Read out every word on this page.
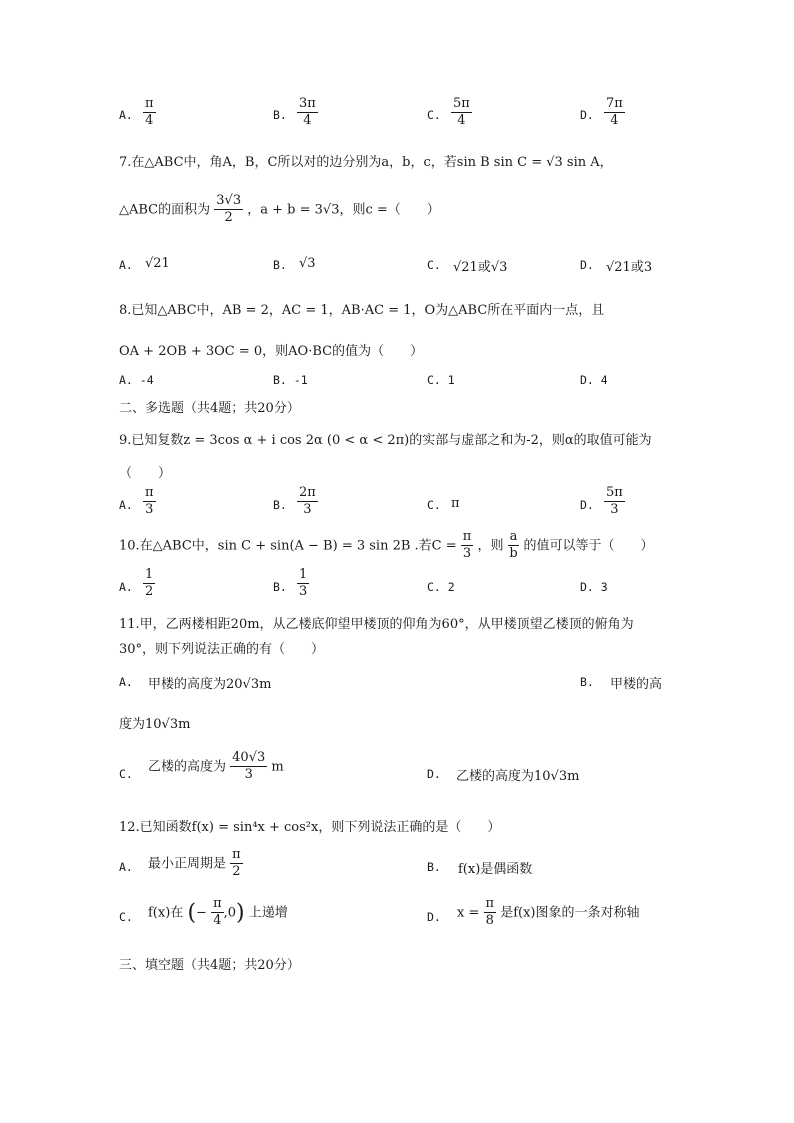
A. $\frac{\pi}{4}$	B. $\frac{3\pi}{4}$	C. $\frac{5\pi}{4}$	D. $\frac{7\pi}{4}$
7.在△ABC中，角A，B，C所以对的边分别为a，b，c，若sin B sin C = √3 sin A，
△ABC的面积为 $\frac{3√3}{2}$ ，a + b = 3√3，则c =（　　）
A. √21	B. √3	C. √21或√3	D. √21或3
8.已知△ABC中，AB = 2，AC = 1，AB·AC = 1，O为△ABC所在平面内一点，且
OA + 2OB + 3OC = 0，则AO·BC的值为（　　）
A. -4	B. -1	C. 1	D. 4
二、多选题（共4题；共20分）
9.已知复数z = 3cos α + i cos 2α (0 < α < 2π)的实部与虚部之和为-2，则α的取值可能为
（　　）
A. $\frac{\pi}{3}$	B. $\frac{2\pi}{3}$	C. π	D. $\frac{5\pi}{3}$
10.在△ABC中，sin C + sin(A − B) = 3 sin 2B .若$C = \frac{\pi}{3}$ ，则 $\frac{a}{b}$ 的值可以等于（　　）
A. $\frac{1}{2}$	B. $\frac{1}{3}$	C. 2	D. 3
11.甲，乙两楼相距20m，从乙楼底仰望甲楼顶的仰角为60°，从甲楼顶望乙楼顶的俯角为
30°，则下列说法正确的有（　　）
A. 甲楼的高度为20√3m	B. 甲楼的高
度为10√3m
C. 乙楼的高度为 $\frac{40√3}{3}$ m	D. 乙楼的高度为10√3m
12.已知函数f(x) = sin⁴x + cos²x，则下列说法正确的是（　　）
A. 最小正周期是 $\frac{\pi}{2}$	B. f(x)是偶函数
C. f(x)在 (− $\frac{\pi}{4} ,0$) 上递增	D. $x = \frac{\pi}{8}$ 是f(x)图象的一条对称轴
三、填空题（共4题；共20分）
